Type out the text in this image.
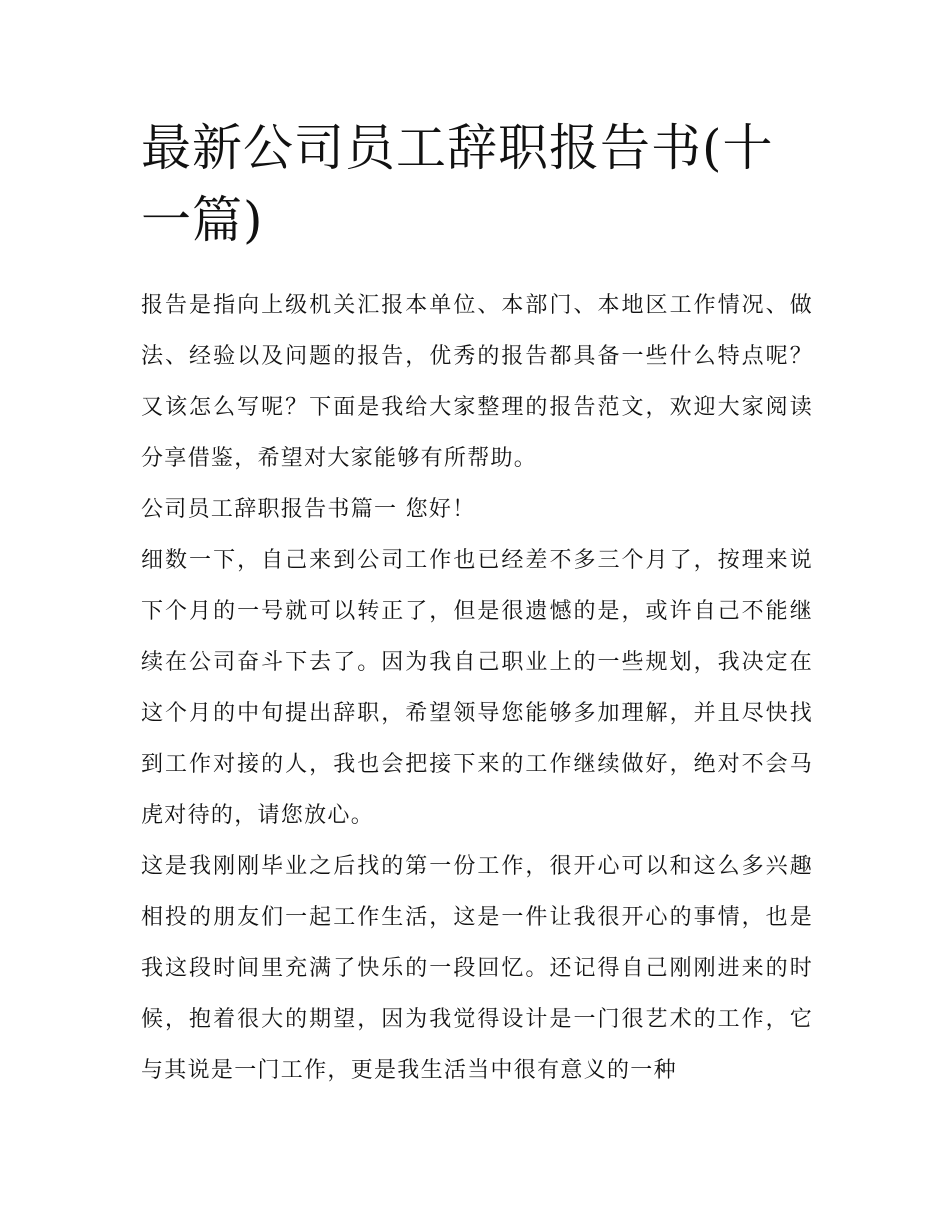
最新公司员工辞职报告书(十一篇)

报告是指向上级机关汇报本单位、本部门、本地区工作情况、做法、经验以及问题的报告，优秀的报告都具备一些什么特点呢？又该怎么写呢？下面是我给大家整理的报告范文，欢迎大家阅读分享借鉴，希望对大家能够有所帮助。

公司员工辞职报告书篇一 您好！

细数一下，自己来到公司工作也已经差不多三个月了，按理来说下个月的一号就可以转正了，但是很遗憾的是，或许自己不能继续在公司奋斗下去了。因为我自己职业上的一些规划，我决定在这个月的中旬提出辞职，希望领导您能够多加理解，并且尽快找到工作对接的人，我也会把接下来的工作继续做好，绝对不会马虎对待的，请您放心。

这是我刚刚毕业之后找的第一份工作，很开心可以和这么多兴趣相投的朋友们一起工作生活，这是一件让我很开心的事情，也是我这段时间里充满了快乐的一段回忆。还记得自己刚刚进来的时候，抱着很大的期望，因为我觉得设计是一门很艺术的工作，它与其说是一门工作，更是我生活当中很有意义的一种
